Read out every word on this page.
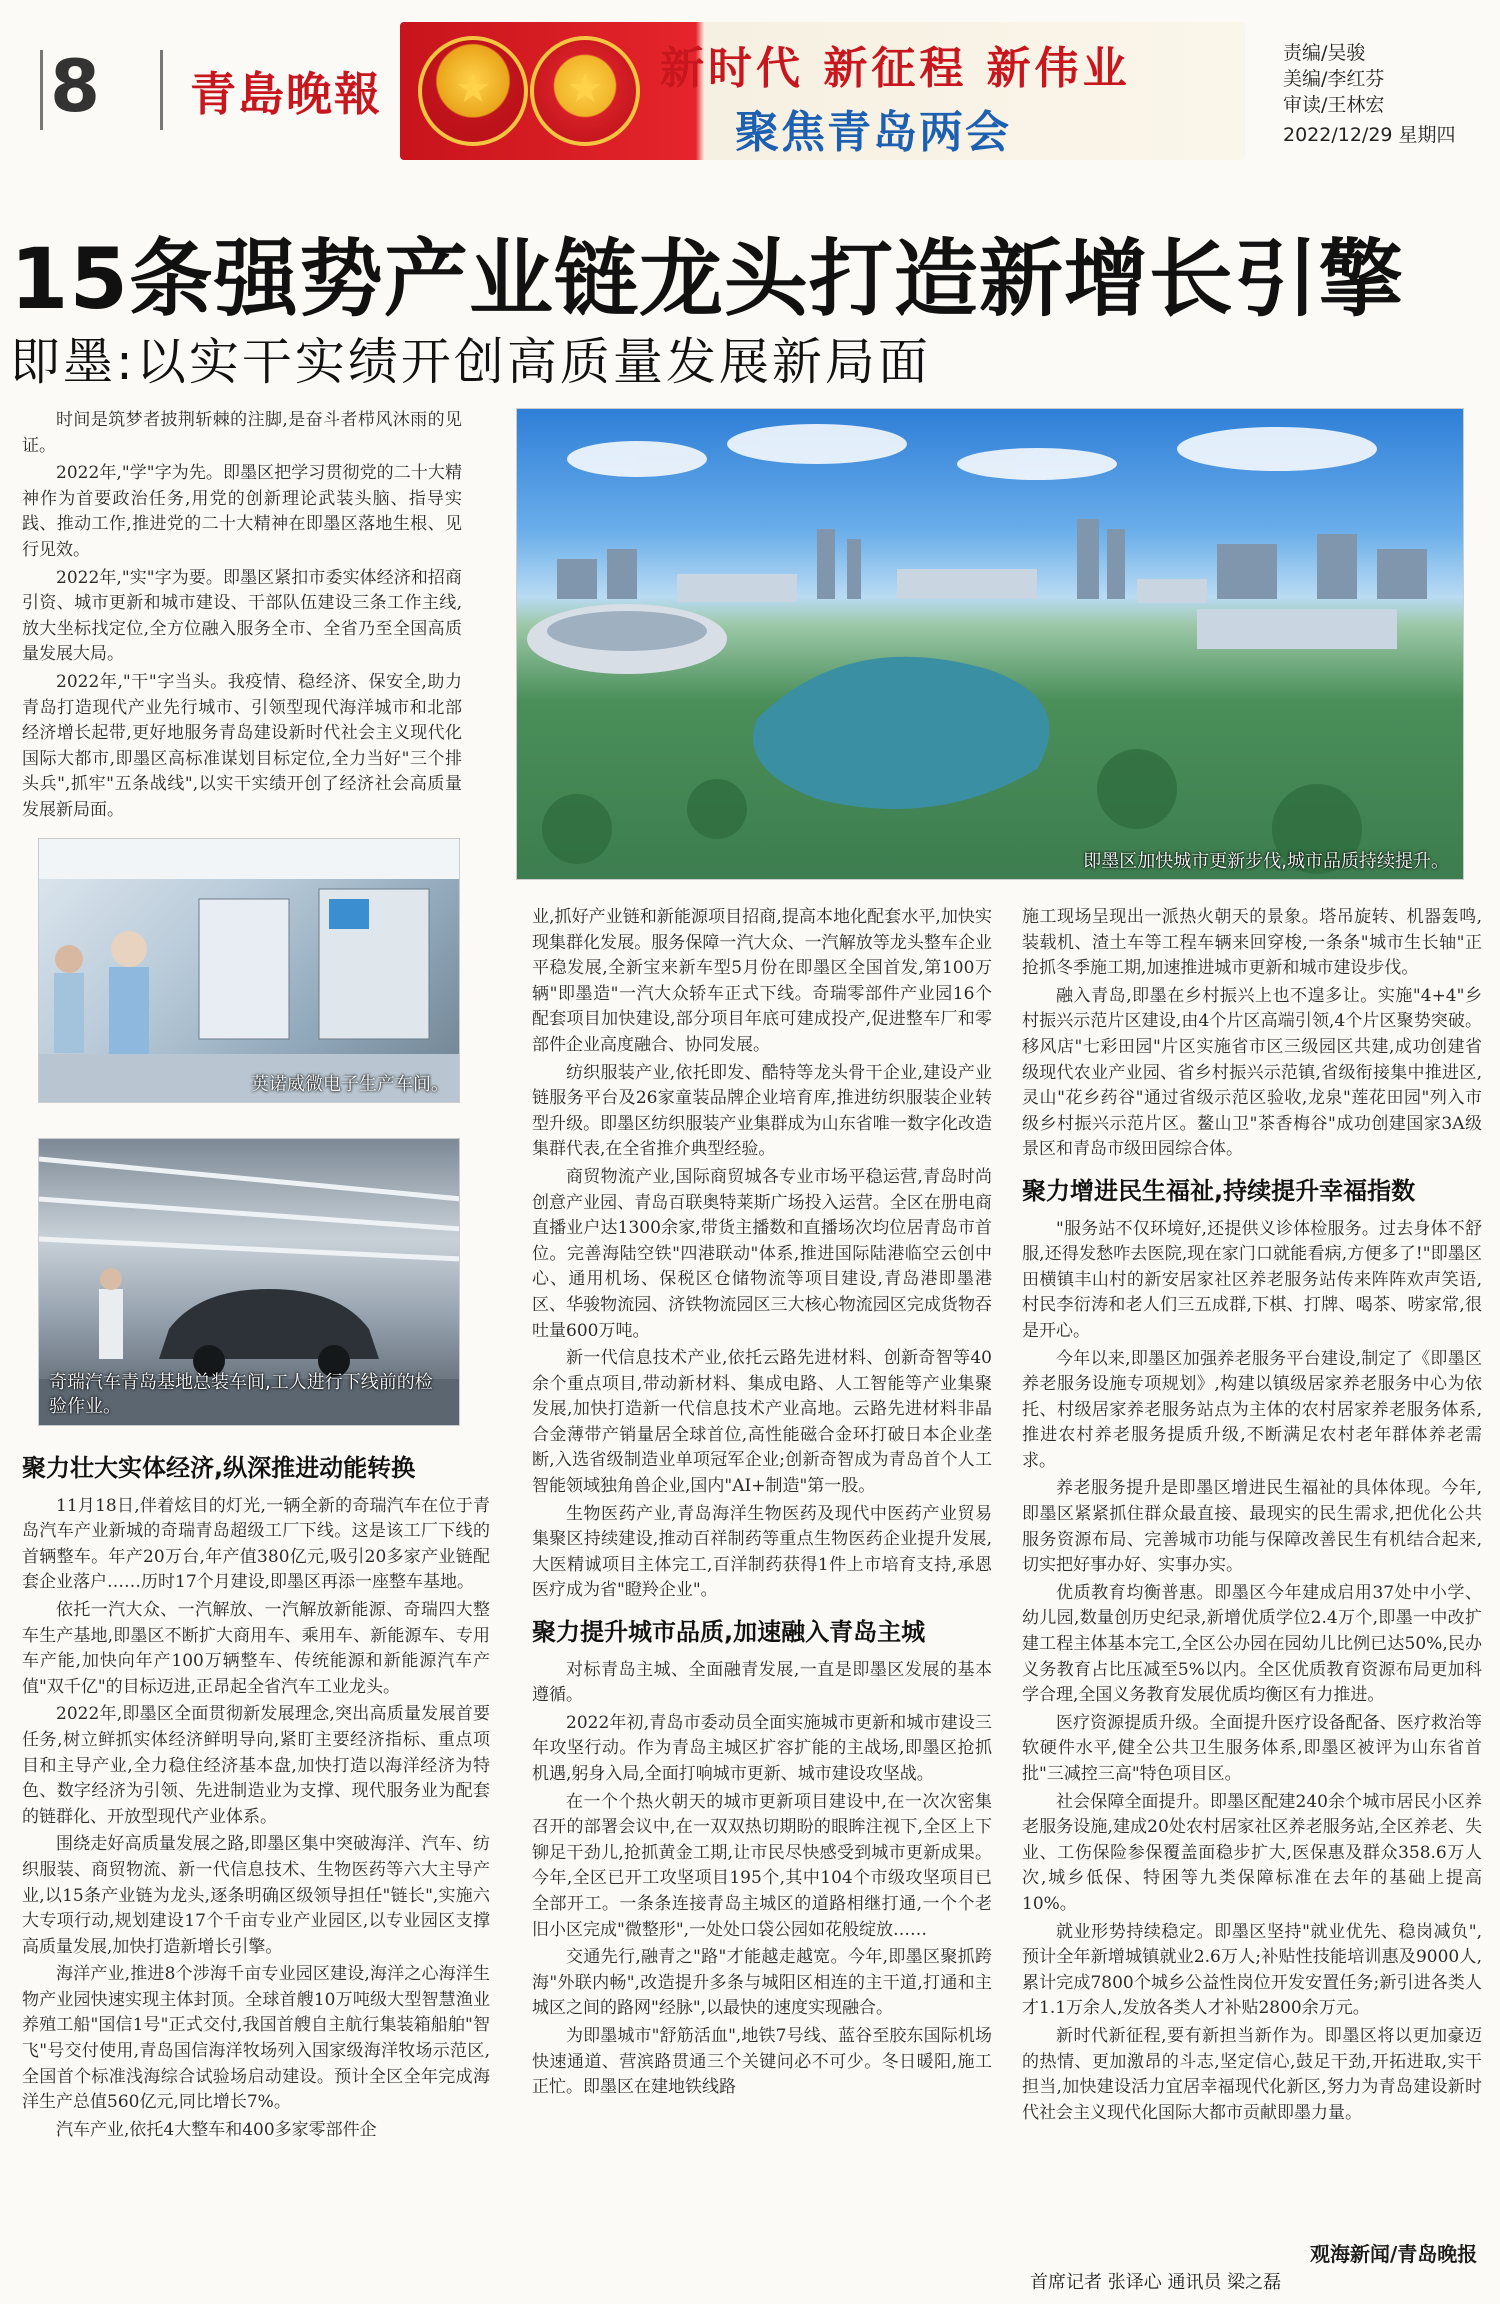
8 青島晚報	★	★	新时代 新征程 新伟业
聚焦青岛两会
责编/吴骏
美编/李红芬
审读/王林宏
2022/12/29 星期四
15条强势产业链龙头打造新增长引擎
即墨:以实干实绩开创高质量发展新局面

时间是筑梦者披荆斩棘的注脚,是奋斗者栉风沐雨的见证。

2022年,"学"字为先。即墨区把学习贯彻党的二十大精神作为首要政治任务,用党的创新理论武装头脑、指导实践、推动工作,推进党的二十大精神在即墨区落地生根、见行见效。

2022年,"实"字为要。即墨区紧扣市委实体经济和招商引资、城市更新和城市建设、干部队伍建设三条工作主线,放大坐标找定位,全方位融入服务全市、全省乃至全国高质量发展大局。

2022年,"干"字当头。我疫情、稳经济、保安全,助力青岛打造现代产业先行城市、引领型现代海洋城市和北部经济增长起带,更好地服务青岛建设新时代社会主义现代化国际大都市,即墨区高标准谋划目标定位,全力当好"三个排头兵",抓牢"五条战线",以实干实绩开创了经济社会高质量发展新局面。

即墨区加快城市更新步伐,城市品质持续提升。
英诺威微电子生产车间。
奇瑞汽车青岛基地总装车间,工人进行下线前的检验作业。
聚力壮大实体经济,纵深推进动能转换

11月18日,伴着炫目的灯光,一辆全新的奇瑞汽车在位于青岛汽车产业新城的奇瑞青岛超级工厂下线。这是该工厂下线的首辆整车。年产20万台,年产值380亿元,吸引20多家产业链配套企业落户……历时17个月建设,即墨区再添一座整车基地。

依托一汽大众、一汽解放、一汽解放新能源、奇瑞四大整车生产基地,即墨区不断扩大商用车、乘用车、新能源车、专用车产能,加快向年产100万辆整车、传统能源和新能源汽车产值"双千亿"的目标迈进,正昂起全省汽车工业龙头。

2022年,即墨区全面贯彻新发展理念,突出高质量发展首要任务,树立鲜抓实体经济鲜明导向,紧盯主要经济指标、重点项目和主导产业,全力稳住经济基本盘,加快打造以海洋经济为特色、数字经济为引领、先进制造业为支撑、现代服务业为配套的链群化、开放型现代产业体系。

围绕走好高质量发展之路,即墨区集中突破海洋、汽车、纺织服装、商贸物流、新一代信息技术、生物医药等六大主导产业,以15条产业链为龙头,逐条明确区级领导担任"链长",实施六大专项行动,规划建设17个千亩专业产业园区,以专业园区支撑高质量发展,加快打造新增长引擎。

海洋产业,推进8个涉海千亩专业园区建设,海洋之心海洋生物产业园快速实现主体封顶。全球首艘10万吨级大型智慧渔业养殖工船"国信1号"正式交付,我国首艘自主航行集装箱船舶"智飞"号交付使用,青岛国信海洋牧场列入国家级海洋牧场示范区,全国首个标准浅海综合试验场启动建设。预计全区全年完成海洋生产总值560亿元,同比增长7%。

汽车产业,依托4大整车和400多家零部件企

业,抓好产业链和新能源项目招商,提高本地化配套水平,加快实现集群化发展。服务保障一汽大众、一汽解放等龙头整车企业平稳发展,全新宝来新车型5月份在即墨区全国首发,第100万辆"即墨造"一汽大众轿车正式下线。奇瑞零部件产业园16个配套项目加快建设,部分项目年底可建成投产,促进整车厂和零部件企业高度融合、协同发展。

纺织服装产业,依托即发、酷特等龙头骨干企业,建设产业链服务平台及26家童装品牌企业培育库,推进纺织服装企业转型升级。即墨区纺织服装产业集群成为山东省唯一数字化改造集群代表,在全省推介典型经验。

商贸物流产业,国际商贸城各专业市场平稳运营,青岛时尚创意产业园、青岛百联奥特莱斯广场投入运营。全区在册电商直播业户达1300余家,带货主播数和直播场次均位居青岛市首位。完善海陆空铁"四港联动"体系,推进国际陆港临空云创中心、通用机场、保税区仓储物流等项目建设,青岛港即墨港区、华骏物流园、济铁物流园区三大核心物流园区完成货物吞吐量600万吨。

新一代信息技术产业,依托云路先进材料、创新奇智等40余个重点项目,带动新材料、集成电路、人工智能等产业集聚发展,加快打造新一代信息技术产业高地。云路先进材料非晶合金薄带产销量居全球首位,高性能磁合金环打破日本企业垄断,入选省级制造业单项冠军企业;创新奇智成为青岛首个人工智能领域独角兽企业,国内"AI+制造"第一股。

生物医药产业,青岛海洋生物医药及现代中医药产业贸易集聚区持续建设,推动百祥制药等重点生物医药企业提升发展,大医精诚项目主体完工,百洋制药获得1件上市培育支持,承恩医疗成为省"瞪羚企业"。

聚力提升城市品质,加速融入青岛主城

对标青岛主城、全面融青发展,一直是即墨区发展的基本遵循。

2022年初,青岛市委动员全面实施城市更新和城市建设三年攻坚行动。作为青岛主城区扩容扩能的主战场,即墨区抢抓机遇,躬身入局,全面打响城市更新、城市建设攻坚战。

在一个个热火朝天的城市更新项目建设中,在一次次密集召开的部署会议中,在一双双热切期盼的眼眸注视下,全区上下铆足干劲儿,抢抓黄金工期,让市民尽快感受到城市更新成果。今年,全区已开工攻坚项目195个,其中104个市级攻坚项目已全部开工。一条条连接青岛主城区的道路相继打通,一个个老旧小区完成"微整形",一处处口袋公园如花般绽放……

交通先行,融青之"路"才能越走越宽。今年,即墨区聚抓跨海"外联内畅",改造提升多条与城阳区相连的主干道,打通和主城区之间的路网"经脉",以最快的速度实现融合。

为即墨城市"舒筋活血",地铁7号线、蓝谷至胶东国际机场快速通道、营滨路贯通三个关键问必不可少。冬日暖阳,施工正忙。即墨区在建地铁线路

施工现场呈现出一派热火朝天的景象。塔吊旋转、机器轰鸣,装载机、渣土车等工程车辆来回穿梭,一条条"城市生长轴"正抢抓冬季施工期,加速推进城市更新和城市建设步伐。

融入青岛,即墨在乡村振兴上也不遑多让。实施"4+4"乡村振兴示范片区建设,由4个片区高端引领,4个片区聚势突破。移风店"七彩田园"片区实施省市区三级园区共建,成功创建省级现代农业产业园、省乡村振兴示范镇,省级衔接集中推进区,灵山"花乡药谷"通过省级示范区验收,龙泉"莲花田园"列入市级乡村振兴示范片区。鳌山卫"茶香梅谷"成功创建国家3A级景区和青岛市级田园综合体。

聚力增进民生福祉,持续提升幸福指数

"服务站不仅环境好,还提供义诊体检服务。过去身体不舒服,还得发愁咋去医院,现在家门口就能看病,方便多了!"即墨区田横镇丰山村的新安居家社区养老服务站传来阵阵欢声笑语,村民李衍涛和老人们三五成群,下棋、打牌、喝茶、唠家常,很是开心。

今年以来,即墨区加强养老服务平台建设,制定了《即墨区养老服务设施专项规划》,构建以镇级居家养老服务中心为依托、村级居家养老服务站点为主体的农村居家养老服务体系,推进农村养老服务提质升级,不断满足农村老年群体养老需求。

养老服务提升是即墨区增进民生福祉的具体体现。今年,即墨区紧紧抓住群众最直接、最现实的民生需求,把优化公共服务资源布局、完善城市功能与保障改善民生有机结合起来,切实把好事办好、实事办实。

优质教育均衡普惠。即墨区今年建成启用37处中小学、幼儿园,数量创历史纪录,新增优质学位2.4万个,即墨一中改扩建工程主体基本完工,全区公办园在园幼儿比例已达50%,民办义务教育占比压减至5%以内。全区优质教育资源布局更加科学合理,全国义务教育发展优质均衡区有力推进。

医疗资源提质升级。全面提升医疗设备配备、医疗救治等软硬件水平,健全公共卫生服务体系,即墨区被评为山东省首批"三减控三高"特色项目区。

社会保障全面提升。即墨区配建240余个城市居民小区养老服务设施,建成20处农村居家社区养老服务站,全区养老、失业、工伤保险参保覆盖面稳步扩大,医保惠及群众358.6万人次,城乡低保、特困等九类保障标准在去年的基础上提高10%。

就业形势持续稳定。即墨区坚持"就业优先、稳岗减负",预计全年新增城镇就业2.6万人;补贴性技能培训惠及9000人,累计完成7800个城乡公益性岗位开发安置任务;新引进各类人才1.1万余人,发放各类人才补贴2800余万元。

新时代新征程,要有新担当新作为。即墨区将以更加豪迈的热情、更加激昂的斗志,坚定信心,鼓足干劲,开拓进取,实干担当,加快建设活力宜居幸福现代化新区,努力为青岛建设新时代社会主义现代化国际大都市贡献即墨力量。

观海新闻/青岛晚报
首席记者 张译心 通讯员 梁之磊
